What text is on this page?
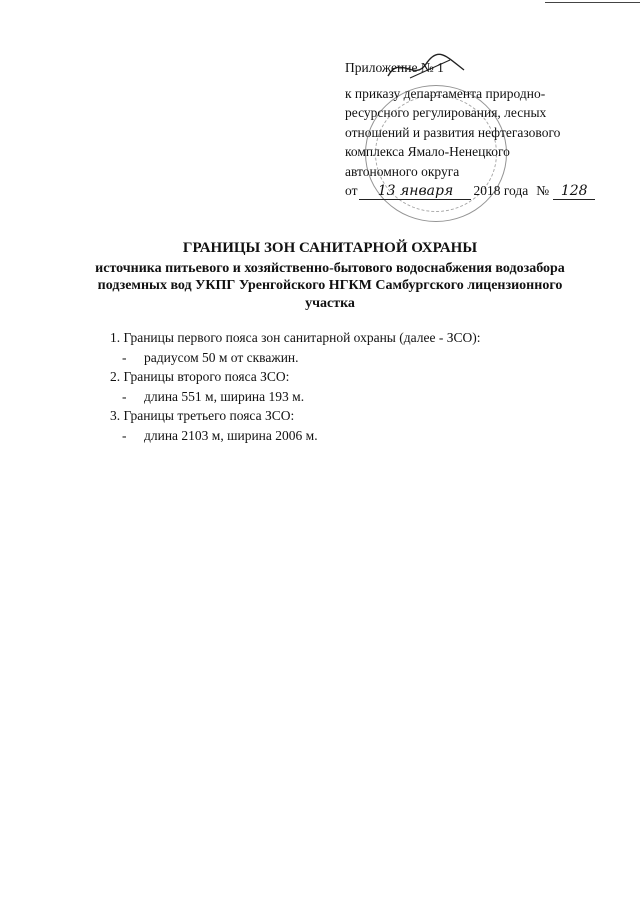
Приложение № 1
к приказу департамента природно-
ресурсного регулирования, лесных
отношений и развития нефтегазового
комплекса Ямало-Ненецкого
автономного округа
от	13 января	2018 года № 128
ГРАНИЦЫ ЗОН САНИТАРНОЙ ОХРАНЫ
источника питьевого и хозяйственно-бытового водоснабжения водозабора подземных вод УКПГ Уренгойского НГКМ Самбургского лицензионного участка
1. Границы первого пояса зон санитарной охраны (далее - ЗСО):
- радиусом 50 м от скважин.
2. Границы второго пояса ЗСО:
- длина 551 м, ширина 193 м.
3. Границы третьего пояса ЗСО:
- длина 2103 м, ширина 2006 м.
